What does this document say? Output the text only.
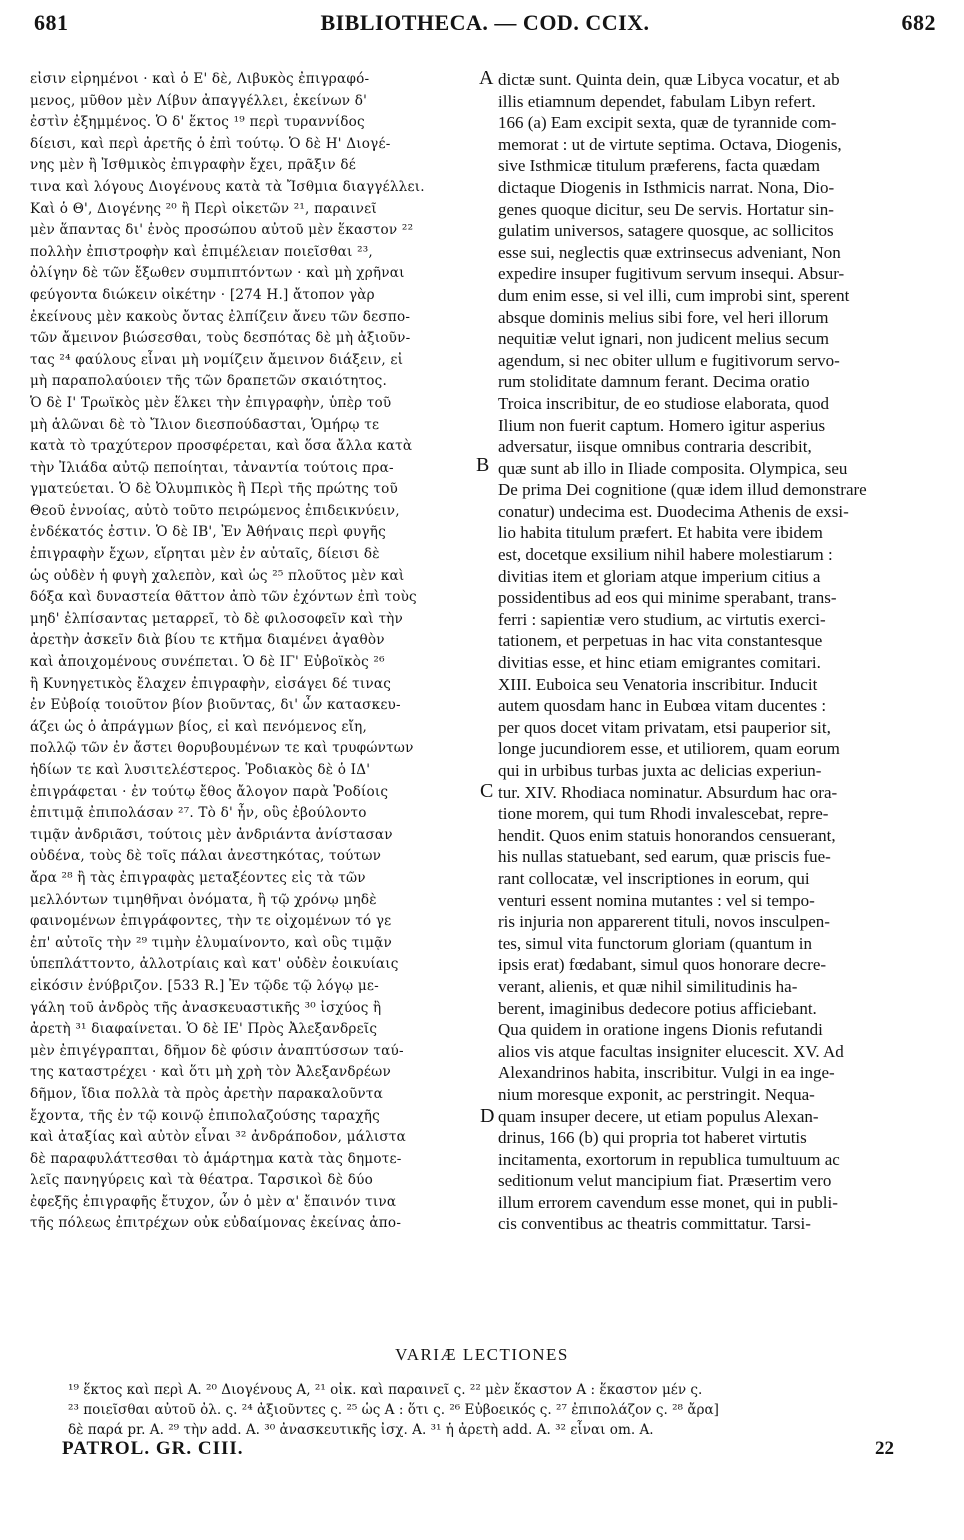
681	BIBLIOTHECA. — COD. CCIX.	682
εἰσιν εἰρημένοι · καὶ ὁ Ε' δὲ, Λιβυκὸς ἐπιγραφό-
μενος, μῦθον μὲν Λίβυν ἀπαγγέλλει, ἐκείνων δ'
ἐστὶν ἐξημμένος. Ὁ δ' ἕκτος ¹⁹ περὶ τυραννίδος
δίεισι, καὶ περὶ ἀρετῆς ὁ ἐπὶ τούτῳ. Ὁ δὲ Η' Διογέ-
νης μὲν ἢ Ἰσθμικὸς ἐπιγραφὴν ἔχει, πρᾶξιν δέ
τινα καὶ λόγους Διογένους κατὰ τὰ Ἴσθμια διαγγέλλει.
Καὶ ὁ Θ', Διογένης ²⁰ ἢ Περὶ οἰκετῶν ²¹, παραινεῖ
μὲν ἅπαντας δι' ἑνὸς προσώπου αὐτοῦ μὲν ἕκαστον ²²
πολλὴν ἐπιστροφὴν καὶ ἐπιμέλειαν ποιεῖσθαι ²³,
ὀλίγην δὲ τῶν ἔξωθεν συμπιπτόντων · καὶ μὴ χρῆναι
φεύγοντα διώκειν οἰκέτην · [274 H.] ἄτοπον γὰρ
ἐκείνους μὲν κακοὺς ὄντας ἐλπίζειν ἄνευ τῶν δεσπο-
τῶν ἄμεινον βιώσεσθαι, τοὺς δεσπότας δὲ μὴ ἀξιοῦν-
τας ²⁴ φαύλους εἶναι μὴ νομίζειν ἄμεινον διάξειν, εἰ
μὴ παραπολαύοιεν τῆς τῶν δραπετῶν σκαιότητος.
Ὁ δὲ Ι' Τρωϊκὸς μὲν ἕλκει τὴν ἐπιγραφὴν, ὑπὲρ τοῦ
μὴ ἁλῶναι δὲ τὸ Ἴλιον διεσπούδασται, Ὁμήρῳ τε
κατὰ τὸ τραχύτερον προσφέρεται, καὶ ὅσα ἄλλα κατὰ
τὴν Ἰλιάδα αὐτῷ πεποίηται, τἀναντία τούτοις πρα-
γματεύεται. Ὁ δὲ Ὀλυμπικὸς ἢ Περὶ τῆς πρώτης τοῦ
Θεοῦ ἐννοίας, αὐτὸ τοῦτο πειρώμενος ἐπιδεικνύειν,
ἑνδέκατός ἐστιν. Ὁ δὲ ΙΒ', Ἐν Ἀθήναις περὶ φυγῆς
ἐπιγραφὴν ἔχων, εἴρηται μὲν ἐν αὐταῖς, δίεισι δὲ
ὡς οὐδὲν ἡ φυγὴ χαλεπὸν, καὶ ὡς ²⁵ πλοῦτος μὲν καὶ
δόξα καὶ δυναστεία θᾶττον ἀπὸ τῶν ἐχόντων ἐπὶ τοὺς
μηδ' ἐλπίσαντας μεταρρεῖ, τὸ δὲ φιλοσοφεῖν καὶ τὴν
ἀρετὴν ἀσκεῖν διὰ βίου τε κτῆμα διαμένει ἀγαθὸν
καὶ ἀποιχομένους συνέπεται. Ὁ δὲ ΙΓ' Εὐβοϊκὸς ²⁶
ἢ Κυνηγετικὸς ἔλαχεν ἐπιγραφὴν, εἰσάγει δέ τινας
ἐν Εὐβοίᾳ τοιοῦτον βίον βιοῦντας, δι' ὧν κατασκευ-
άζει ὡς ὁ ἀπράγμων βίος, εἰ καὶ πενόμενος εἴη,
πολλῷ τῶν ἐν ἄστει θορυβουμένων τε καὶ τρυφώντων
ἡδίων τε καὶ λυσιτελέστερος. Ῥοδιακὸς δὲ ὁ ΙΔ'
ἐπιγράφεται · ἐν τούτῳ ἔθος ἄλογον παρὰ Ῥοδίοις
ἐπιτιμᾷ ἐπιπολάσαν ²⁷. Τὸ δ' ἦν, οὓς ἐβούλοντο
τιμᾷν ἀνδριᾶσι, τούτοις μὲν ἀνδριάντα ἀνίστασαν
οὐδένα, τοὺς δὲ τοῖς πάλαι ἀνεστηκότας, τούτων
ἄρα ²⁸ ἢ τὰς ἐπιγραφὰς μεταξέοντες εἰς τὰ τῶν
μελλόντων τιμηθῆναι ὀνόματα, ἢ τῷ χρόνῳ μηδὲ
φαινομένων ἐπιγράφοντες, τὴν τε οἰχομένων τό γε
ἐπ' αὐτοῖς τὴν ²⁹ τιμὴν ἐλυμαίνοντο, καὶ οὓς τιμᾷν
ὑπεπλάττοντο, ἀλλοτρίαις καὶ κατ' οὐδὲν ἐοικυίαις
εἰκόσιν ἐνύβριζον. [533 R.] Ἐν τῷδε τῷ λόγῳ με-
γάλη τοῦ ἀνδρὸς τῆς ἀνασκευαστικῆς ³⁰ ἰσχύος ἢ
ἀρετὴ ³¹ διαφαίνεται. Ὁ δὲ ΙΕ' Πρὸς Ἀλεξανδρεῖς
μὲν ἐπιγέγραπται, δῆμον δὲ φύσιν ἀναπτύσσων ταύ-
της καταστρέχει · καὶ ὅτι μὴ χρὴ τὸν Ἀλεξανδρέων
δῆμον, ἴδια πολλὰ τὰ πρὸς ἀρετὴν παρακαλοῦντα
ἔχοντα, τῆς ἐν τῷ κοινῷ ἐπιπολαζούσης ταραχῆς
καὶ ἀταξίας καὶ αὐτὸν εἶναι ³² ἀνδράποδον, μάλιστα
δὲ παραφυλάττεσθαι τὸ ἁμάρτημα κατὰ τὰς δημοτε-
λεῖς πανηγύρεις καὶ τὰ θέατρα. Ταρσικοὶ δὲ δύο
ἐφεξῆς ἐπιγραφῆς ἔτυχον, ὧν ὁ μὲν α' ἔπαινόν τινα
τῆς πόλεως ἐπιτρέχων οὐκ εὐδαίμονας ἐκείνας ἀπο-
dictæ sunt. Quinta dein, quæ Libyca vocatur, et ab
illis etiamnum dependet, fabulam Libyn refert.
166 (a) Eam excipit sexta, quæ de tyrannide com-
memorat : ut de virtute septima. Octava, Diogenis,
sive Isthmicæ titulum præferens, facta quædam
dictaque Diogenis in Isthmicis narrat. Nona, Dio-
genes quoque dicitur, seu De servis. Hortatur sin-
gulatim universos, satagere quosque, ac sollicitos
esse sui, neglectis quæ extrinsecus adveniant, Non
expedire insuper fugitivum servum insequi. Absur-
dum enim esse, si vel illi, cum improbi sint, sperent
absque dominis melius sibi fore, vel heri illorum
nequitiæ velut ignari, non judicent melius secum
agendum, si nec obiter ullum e fugitivorum servo-
rum stoliditate damnum ferant. Decima oratio
Troica inscribitur, de eo studiose elaborata, quod
Ilium non fuerit captum. Homero igitur asperius
adversatur, iisque omnibus contraria describit,
quæ sunt ab illo in Iliade composita. Olympica, seu
De prima Dei cognitione (quæ idem illud demonstrare
conatur) undecima est. Duodecima Athenis de exsi-
lio habita titulum præfert. Et habita vere ibidem
est, docetque exsilium nihil habere molestiarum :
divitias item et gloriam atque imperium citius a
possidentibus ad eos qui minime sperabant, trans-
ferri : sapientiæ vero studium, ac virtutis exerci-
tationem, et perpetuas in hac vita constantesque
divitias esse, et hinc etiam emigrantes comitari.
XIII. Euboica seu Venatoria inscribitur. Inducit
autem quosdam hanc in Eubœa vitam ducentes :
per quos docet vitam privatam, etsi pauperior sit,
longe jucundiorem esse, et utiliorem, quam eorum
qui in urbibus turbas juxta ac delicias experiun-
tur. XIV. Rhodiaca nominatur. Absurdum hac ora-
tione morem, qui tum Rhodi invalescebat, repre-
hendit. Quos enim statuis honorandos censuerant,
his nullas statuebant, sed earum, quæ priscis fue-
rant collocatæ, vel inscriptiones in eorum, qui
venturi essent nomina mutantes : vel si tempo-
ris injuria non apparerent tituli, novos insculpen-
tes, simul vita functorum gloriam (quantum in
ipsis erat) fœdabant, simul quos honorare decre-
verant, alienis, et quæ nihil similitudinis ha-
berent, imaginibus dedecore potius afficiebant.
Qua quidem in oratione ingens Dionis refutandi
alios vis atque facultas insigniter elucescit. XV. Ad
Alexandrinos habita, inscribitur. Vulgi in ea inge-
nium moresque exponit, ac perstringit. Nequa-
quam insuper decere, ut etiam populus Alexan-
drinus, 166 (b) qui propria tot haberet virtutis
incitamenta, exortorum in republica tumultuum ac
seditionum velut mancipium fiat. Præsertim vero
illum errorem cavendum esse monet, qui in publi-
cis conventibus ac theatris committatur. Tarsi-
A
B
C
D
VARIÆ LECTIONES
¹⁹ ἕκτος καὶ περὶ A. ²⁰ Διογένους A, ²¹ οἰκ. καὶ παραινεῖ ς. ²² μὲν ἕκαστον A : ἕκαστον μέν ς.
²³ ποιεῖσθαι αὐτοῦ ὀλ. ς. ²⁴ ἀξιοῦντες ς. ²⁵ ὡς A : ὅτι ς. ²⁶ Εὐβοεικός ς. ²⁷ ἐπιπολάζον ς. ²⁸ ἄρα]
δὲ παρά pr. A. ²⁹ τὴν add. A. ³⁰ ἀνασκευτικῆς ἰσχ. A. ³¹ ἡ ἀρετὴ add. A. ³² εἶναι om. A.
PATROL. GR. CIII.	22
